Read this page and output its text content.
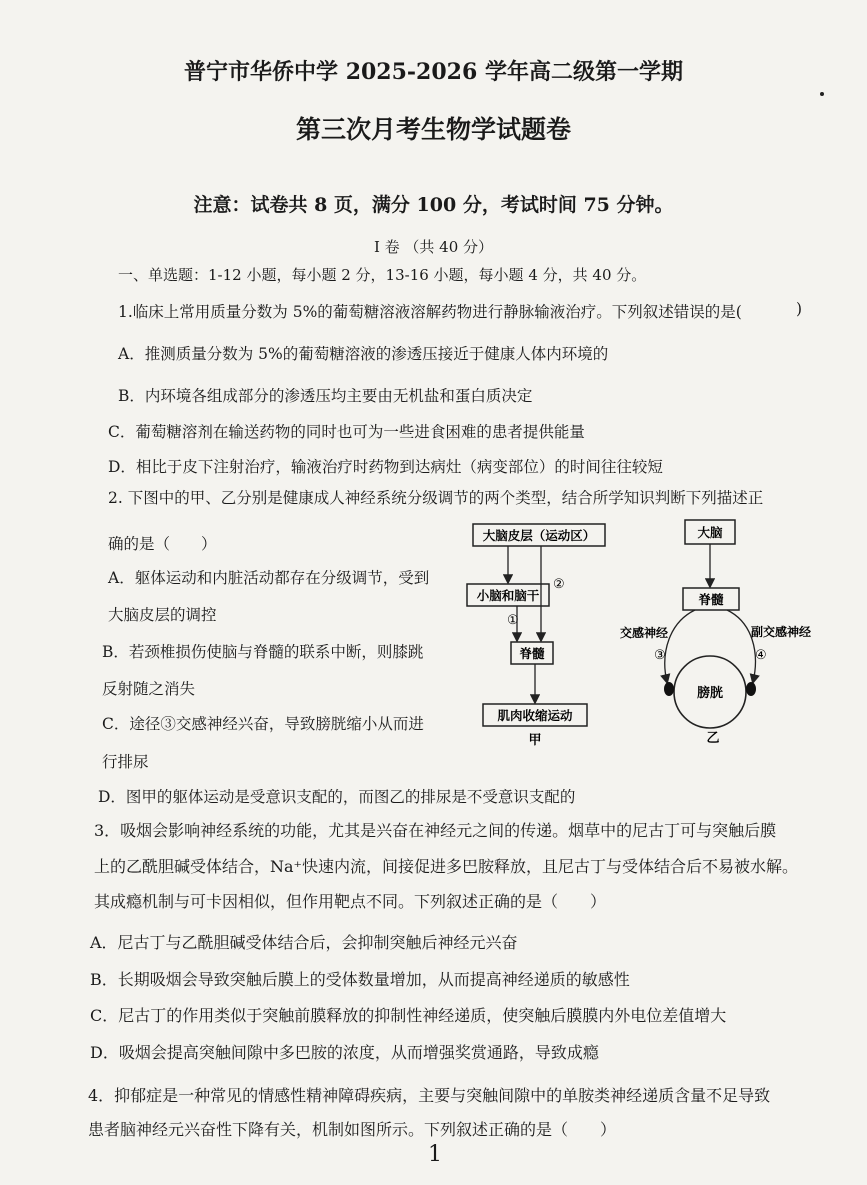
普宁市华侨中学 2025-2026 学年高二级第一学期
第三次月考生物学试题卷
注意：试卷共 8 页，满分 100 分，考试时间 75 分钟。
I 卷 （共 40 分）
一、单选题：1-12 小题，每小题 2 分，13-16 小题，每小题 4 分，共 40 分。
1.临床上常用质量分数为 5%的葡萄糖溶液溶解药物进行静脉输液治疗。下列叙述错误的是(	)
A．推测质量分数为 5%的葡萄糖溶液的渗透压接近于健康人体内环境的
B．内环境各组成部分的渗透压均主要由无机盐和蛋白质决定
C．葡萄糖溶剂在输送药物的同时也可为一些进食困难的患者提供能量
D．相比于皮下注射治疗，输液治疗时药物到达病灶（病变部位）的时间往往较短
2. 下图中的甲、乙分别是健康成人神经系统分级调节的两个类型，结合所学知识判断下列描述正
确的是（　　）
A．躯体运动和内脏活动都存在分级调节，受到
大脑皮层的调控
B．若颈椎损伤使脑与脊髓的联系中断，则膝跳
反射随之消失
C．途径③交感神经兴奋，导致膀胱缩小从而进
行排尿
D．图甲的躯体运动是受意识支配的，而图乙的排尿是不受意识支配的
大脑皮层（运动区）
小脑和脑干
脊髓
肌肉收缩运动
②
①
甲
大脑
脊髓
交感神经	副交感神经
③	④
膀胱
乙
3．吸烟会影响神经系统的功能，尤其是兴奋在神经元之间的传递。烟草中的尼古丁可与突触后膜
上的乙酰胆碱受体结合，Na⁺快速内流，间接促进多巴胺释放，且尼古丁与受体结合后不易被水解。
其成瘾机制与可卡因相似，但作用靶点不同。下列叙述正确的是（　　）
A．尼古丁与乙酰胆碱受体结合后，会抑制突触后神经元兴奋
B．长期吸烟会导致突触后膜上的受体数量增加，从而提高神经递质的敏感性
C．尼古丁的作用类似于突触前膜释放的抑制性神经递质，使突触后膜膜内外电位差值增大
D．吸烟会提高突触间隙中多巴胺的浓度，从而增强奖赏通路，导致成瘾
4．抑郁症是一种常见的情感性精神障碍疾病，主要与突触间隙中的单胺类神经递质含量不足导致
患者脑神经元兴奋性下降有关，机制如图所示。下列叙述正确的是（　　）
1
